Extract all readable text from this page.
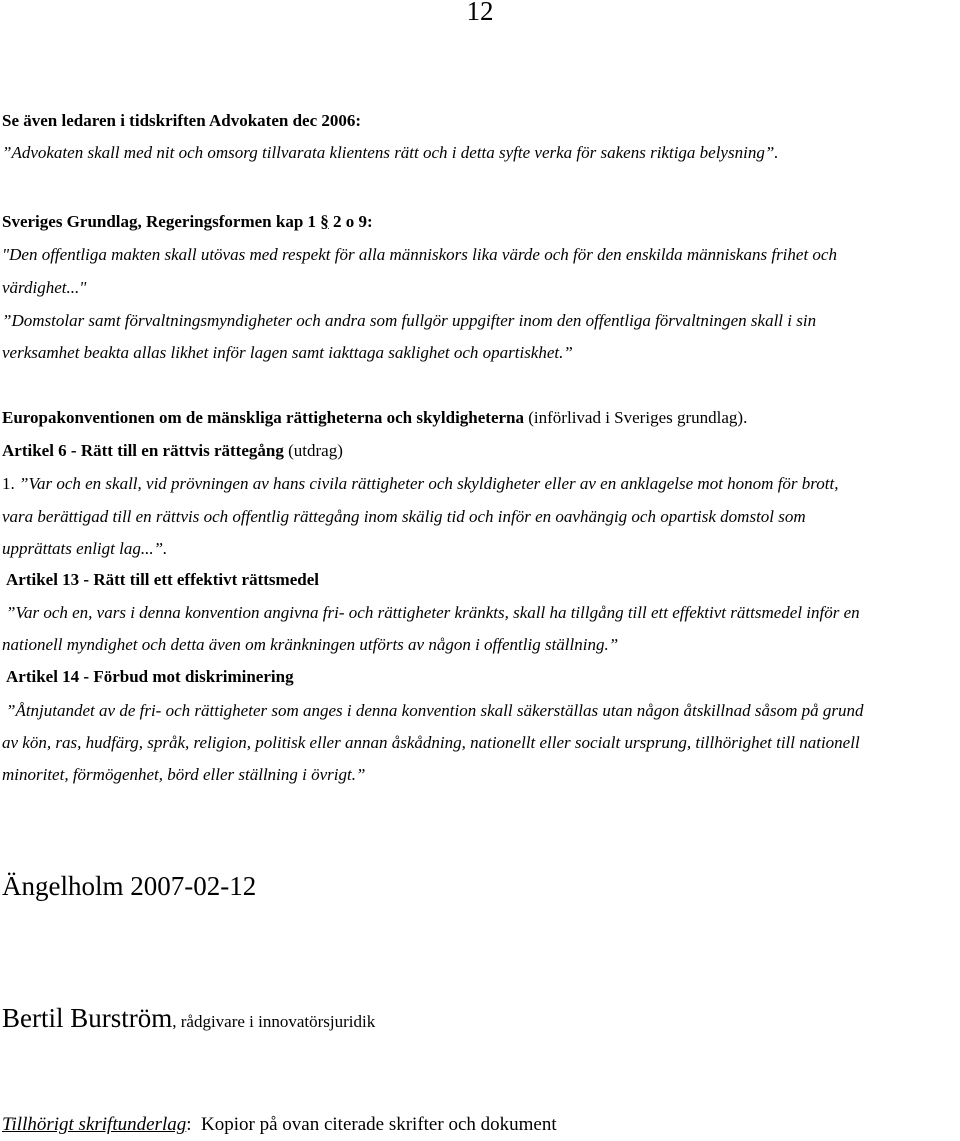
12
Se även ledaren i tidskriften Advokaten dec 2006:
”Advokaten skall med nit och omsorg tillvarata klientens rätt och i detta syfte verka för sakens riktiga belysning”.
Sveriges Grundlag, Regeringsformen kap 1 § 2 o 9:
"Den offentliga makten skall utövas med respekt för alla människors lika värde och för den enskilda människans frihet och
värdighet..."
”Domstolar samt förvaltningsmyndigheter och andra som fullgör uppgifter inom den offentliga förvaltningen skall i sin
verksamhet beakta allas likhet inför lagen samt iakttaga saklighet och opartiskhet.”
Europakonventionen om de mänskliga rättigheterna och skyldigheterna (införlivad i Sveriges grundlag).
Artikel 6 - Rätt till en rättvis rättegång (utdrag)
1. ”Var och en skall, vid prövningen av hans civila rättigheter och skyldigheter eller av en anklagelse mot honom för brott,
vara berättigad till en rättvis och offentlig rättegång inom skälig tid och inför en oavhängig och opartisk domstol som
upprättats enligt lag...”.
Artikel 13 - Rätt till ett effektivt rättsmedel
”Var och en, vars i denna konvention angivna fri- och rättigheter kränkts, skall ha tillgång till ett effektivt rättsmedel inför en
nationell myndighet och detta även om kränkningen utförts av någon i offentlig ställning.”
Artikel 14 - Förbud mot diskriminering
”Åtnjutandet av de fri- och rättigheter som anges i denna konvention skall säkerställas utan någon åtskillnad såsom på grund
av kön, ras, hudfärg, språk, religion, politisk eller annan åskådning, nationellt eller socialt ursprung, tillhörighet till nationell
minoritet, förmögenhet, börd eller ställning i övrigt.”
Ängelholm 2007-02-12
Bertil Burström, rådgivare i innovatörsjuridik
Tillhörigt skriftunderlag:  Kopior på ovan citerade skrifter och dokument
